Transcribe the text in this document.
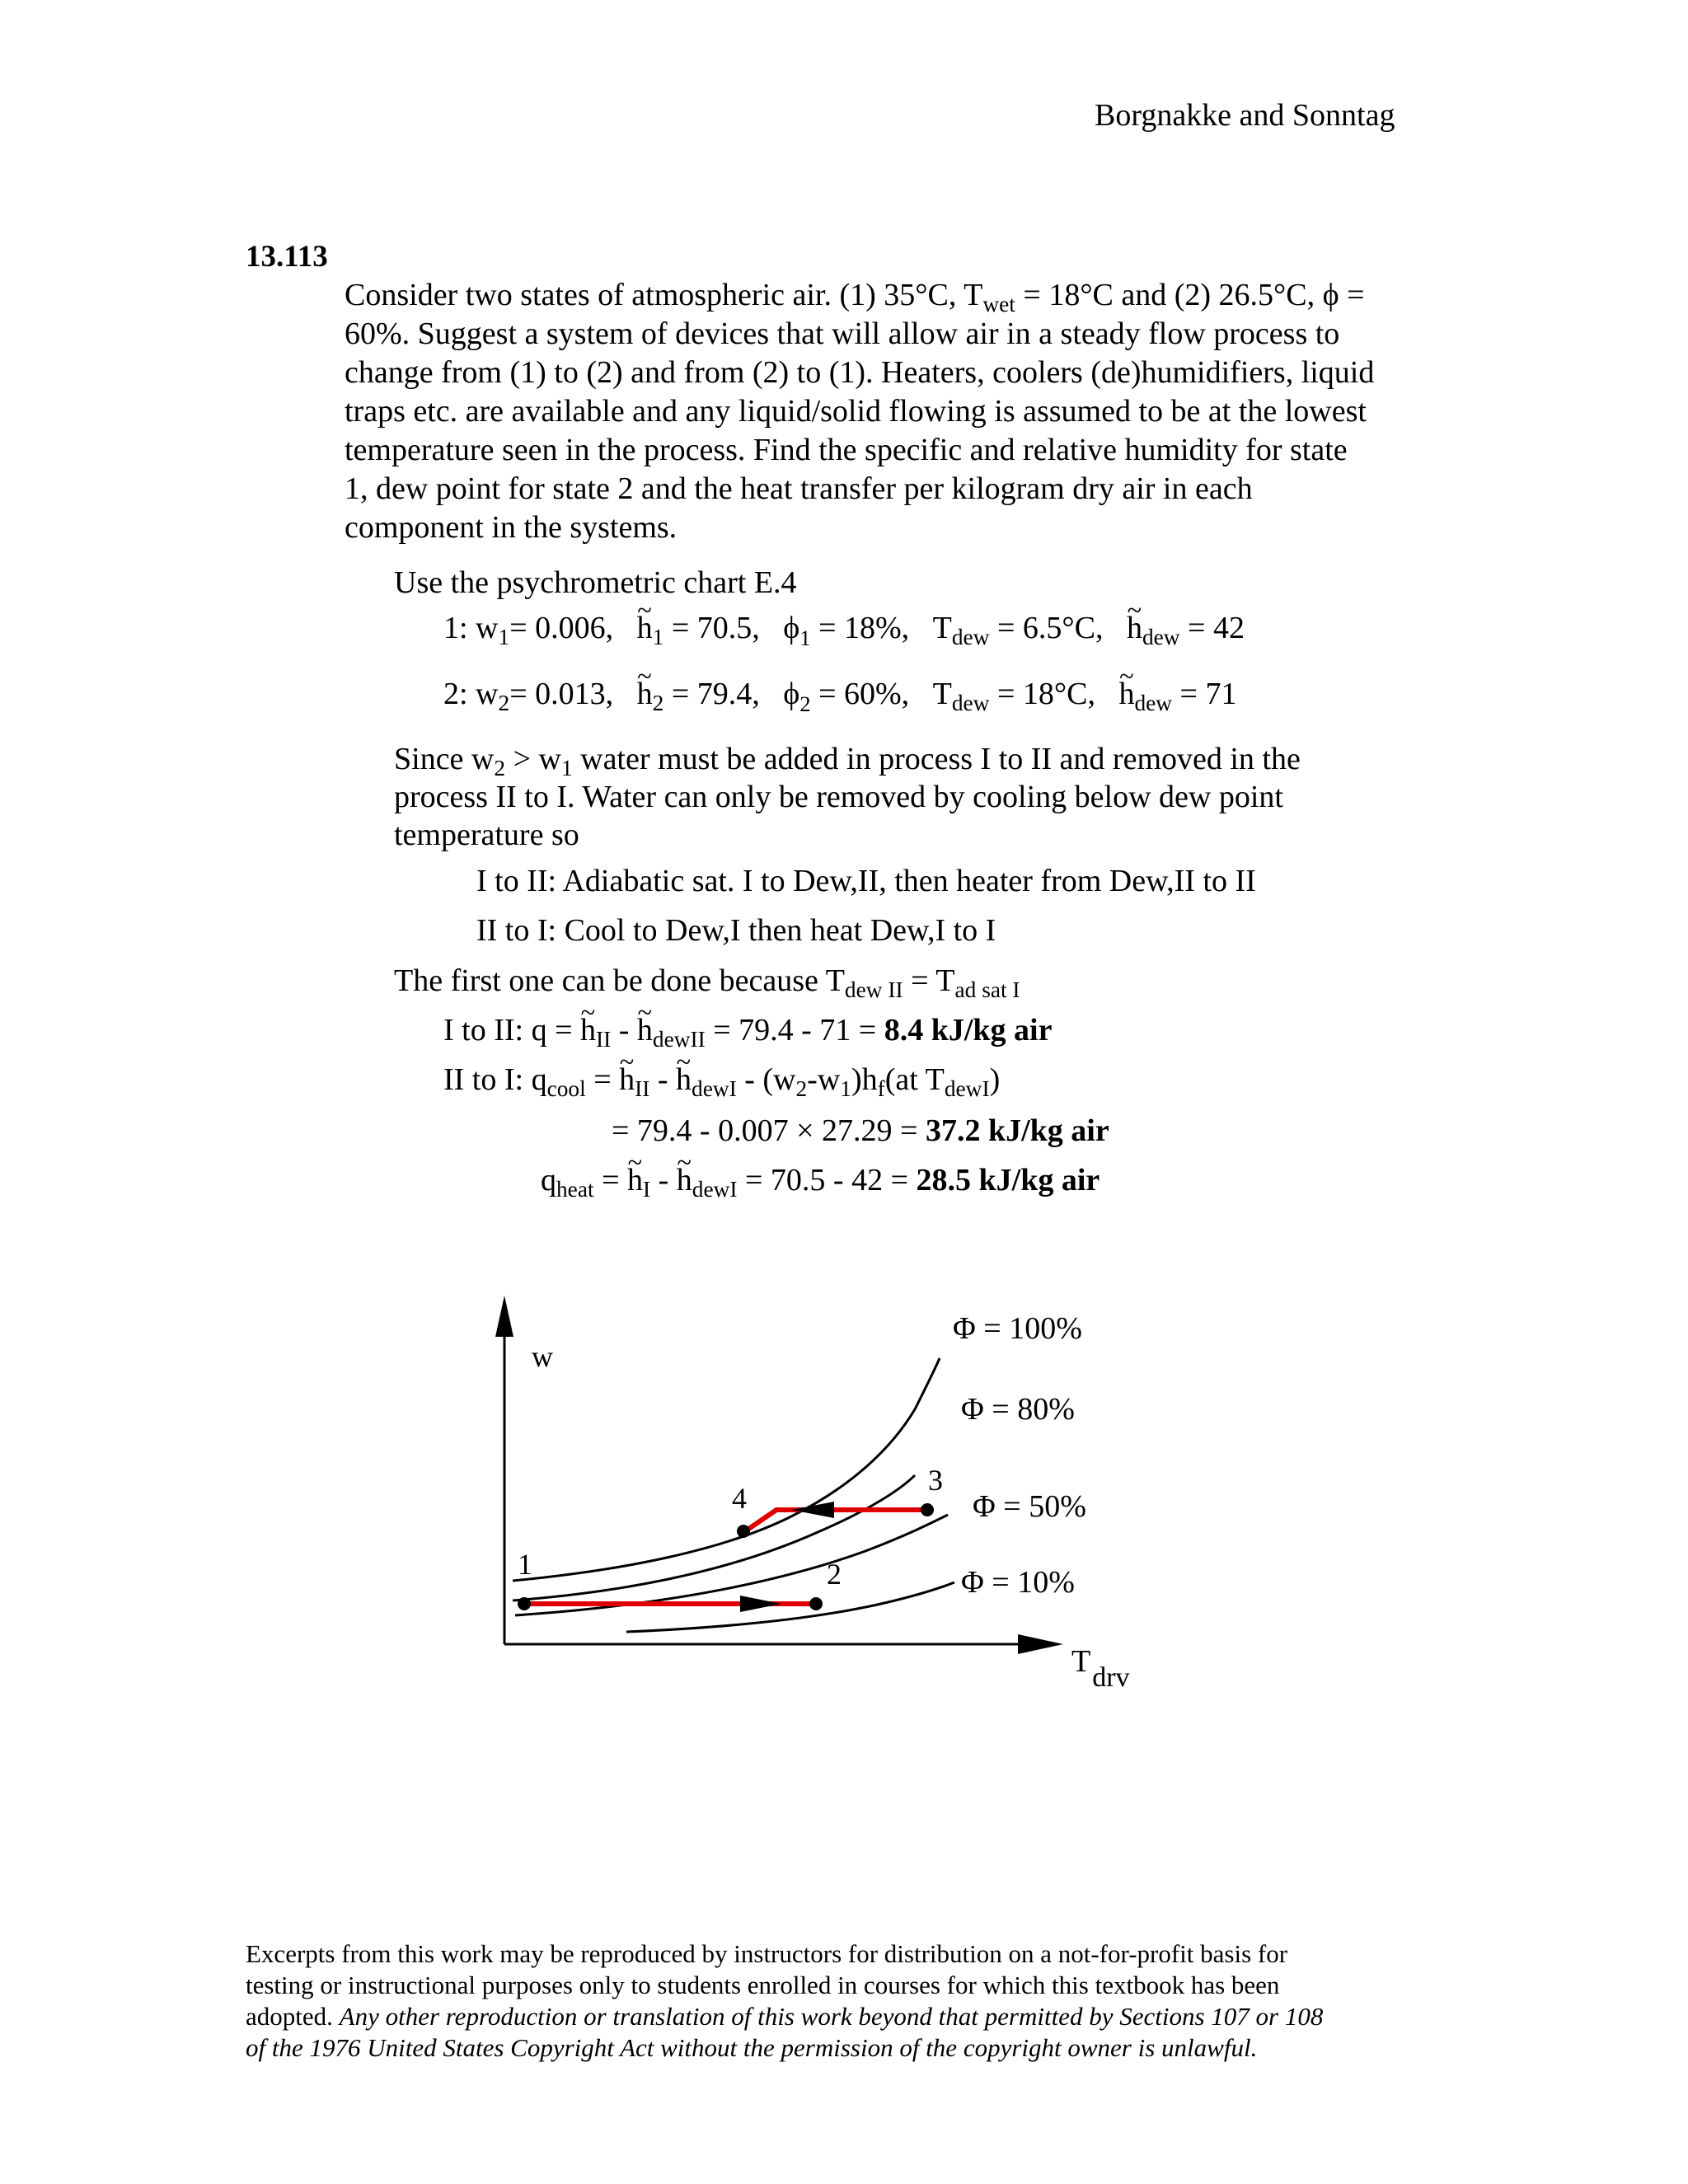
Borgnakke and Sonntag
13.113
Consider two states of atmospheric air. (1) 35°C, $T_{wet} = 18^\circ C$ and (2) 26.5°C, ϕ =
60%. Suggest a system of devices that will allow air in a steady flow process to
change from (1) to (2) and from (2) to (1). Heaters, coolers (de)humidifiers, liquid
traps etc. are available and any liquid/solid flowing is assumed to be at the lowest
temperature seen in the process. Find the specific and relative humidity for state
1, dew point for state 2 and the heat transfer per kilogram dry air in each
component in the systems.
Use the psychrometric chart E.4
1: $w_1= 0.006$, ~ $h_1 = 70.5$, $\phi_1 = 18\%$,   $T_{dew} = 6.5^\circ C$, ~ $h_{dew} = 42$
2: $w_2= 0.013$, ~ $h_2 = 79.4$, $\phi_2 = 60\%$,   $T_{dew} = 18^\circ C$, ~ $h_{dew} = 71$
Since $w_2 > w_1$ water must be added in process I to II and removed in the
process II to I. Water can only be removed by cooling below dew point
temperature so
I to II: Adiabatic sat. I to Dew,II, then heater from Dew,II to II
II to I: Cool to Dew,I then heat Dew,I to I
The first one can be done because $T_{dew II} = T_{ad sat I}$
I to II: q = ~ $h_{II}$ - ~ $h_{dewII} = 79.4 - 71 = 8.4$ kJ/kg air
II to I: $q_{cool}$ = ~ $h_{II}$ - ~ $h_{dewI} - (w_2-w_1)h_f(at$ $T_{dewI}$)
= 79.4 - 0.007 × 27.29 = 37.2 kJ/kg air
$q_{heat}$ = ~ $h_I$ - ~ $h_{dewI} = 70.5 - 42 = 28.5$ kJ/kg air
w
Tdrv
1	2
3
4
Φ = 100%
Φ = 80%
Φ = 50%
Φ = 10%
Excerpts from this work may be reproduced by instructors for distribution on a not-for-profit basis for
testing or instructional purposes only to students enrolled in courses for which this textbook has been
adopted. Any other reproduction or translation of this work beyond that permitted by Sections 107 or 108
of the 1976 United States Copyright Act without the permission of the copyright owner is unlawful.
